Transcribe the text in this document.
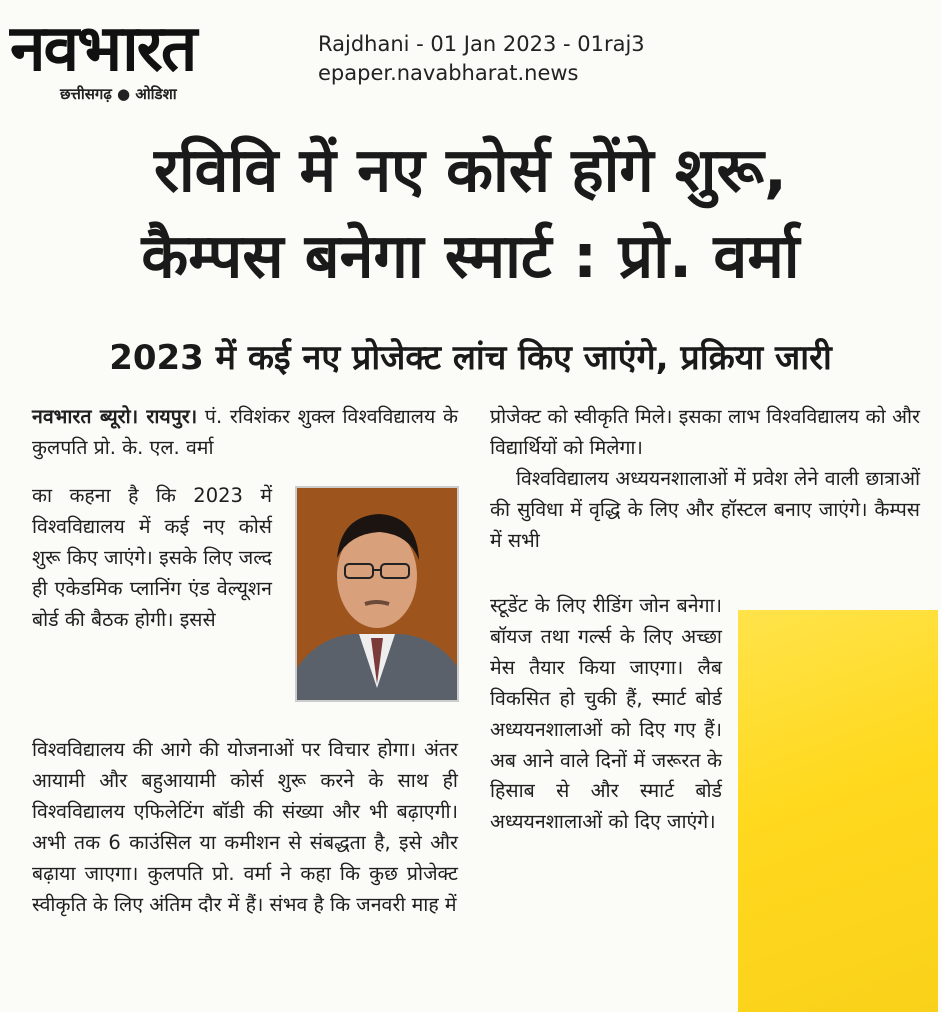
नवभारत
छत्तीसगढ़ ● ओडिशा
Rajdhani - 01 Jan 2023 - 01raj3
epaper.navabharat.news
रविवि में नए कोर्स होंगे शुरू,
कैम्पस बनेगा स्मार्ट : प्रो. वर्मा
2023 में कई नए प्रोजेक्ट लांच किए जाएंगे, प्रक्रिया जारी

नवभारत ब्यूरो। रायपुर। पं. रविशंकर शुक्ल विश्वविद्यालय के कुलपति प्रो. के. एल. वर्मा

का कहना है कि 2023 में विश्वविद्यालय में कई नए कोर्स शुरू किए जाएंगे। इसके लिए जल्द ही एकेडमिक प्लानिंग एंड वेल्यूशन बोर्ड की बैठक होगी। इससे

विश्वविद्यालय की आगे की योजनाओं पर विचार होगा। अंतर आयामी और बहुआयामी कोर्स शुरू करने के साथ ही विश्वविद्यालय एफिलेटिंग बॉडी की संख्या और भी बढ़ाएगी। अभी तक 6 काउंसिल या कमीशन से संबद्धता है, इसे और बढ़ाया जाएगा। कुलपति प्रो. वर्मा ने कहा कि कुछ प्रोजेक्ट स्वीकृति के लिए अंतिम दौर में हैं। संभव है कि जनवरी माह में

प्रोजेक्ट को स्वीकृति मिले। इसका लाभ विश्वविद्यालय को और विद्यार्थियों को मिलेगा।

विश्वविद्यालय अध्ययनशालाओं में प्रवेश लेने वाली छात्राओं की सुविधा में वृद्धि के लिए और हॉस्टल बनाए जाएंगे। कैम्पस में सभी

स्टूडेंट के लिए रीडिंग जोन बनेगा। बॉयज तथा गर्ल्स के लिए अच्छा मेस तैयार किया जाएगा। लैब विकसित हो चुकी हैं, स्मार्ट बोर्ड अध्ययनशालाओं को दिए गए हैं। अब आने वाले दिनों में जरूरत के हिसाब से और स्मार्ट बोर्ड अध्ययनशालाओं को दिए जाएंगे।
